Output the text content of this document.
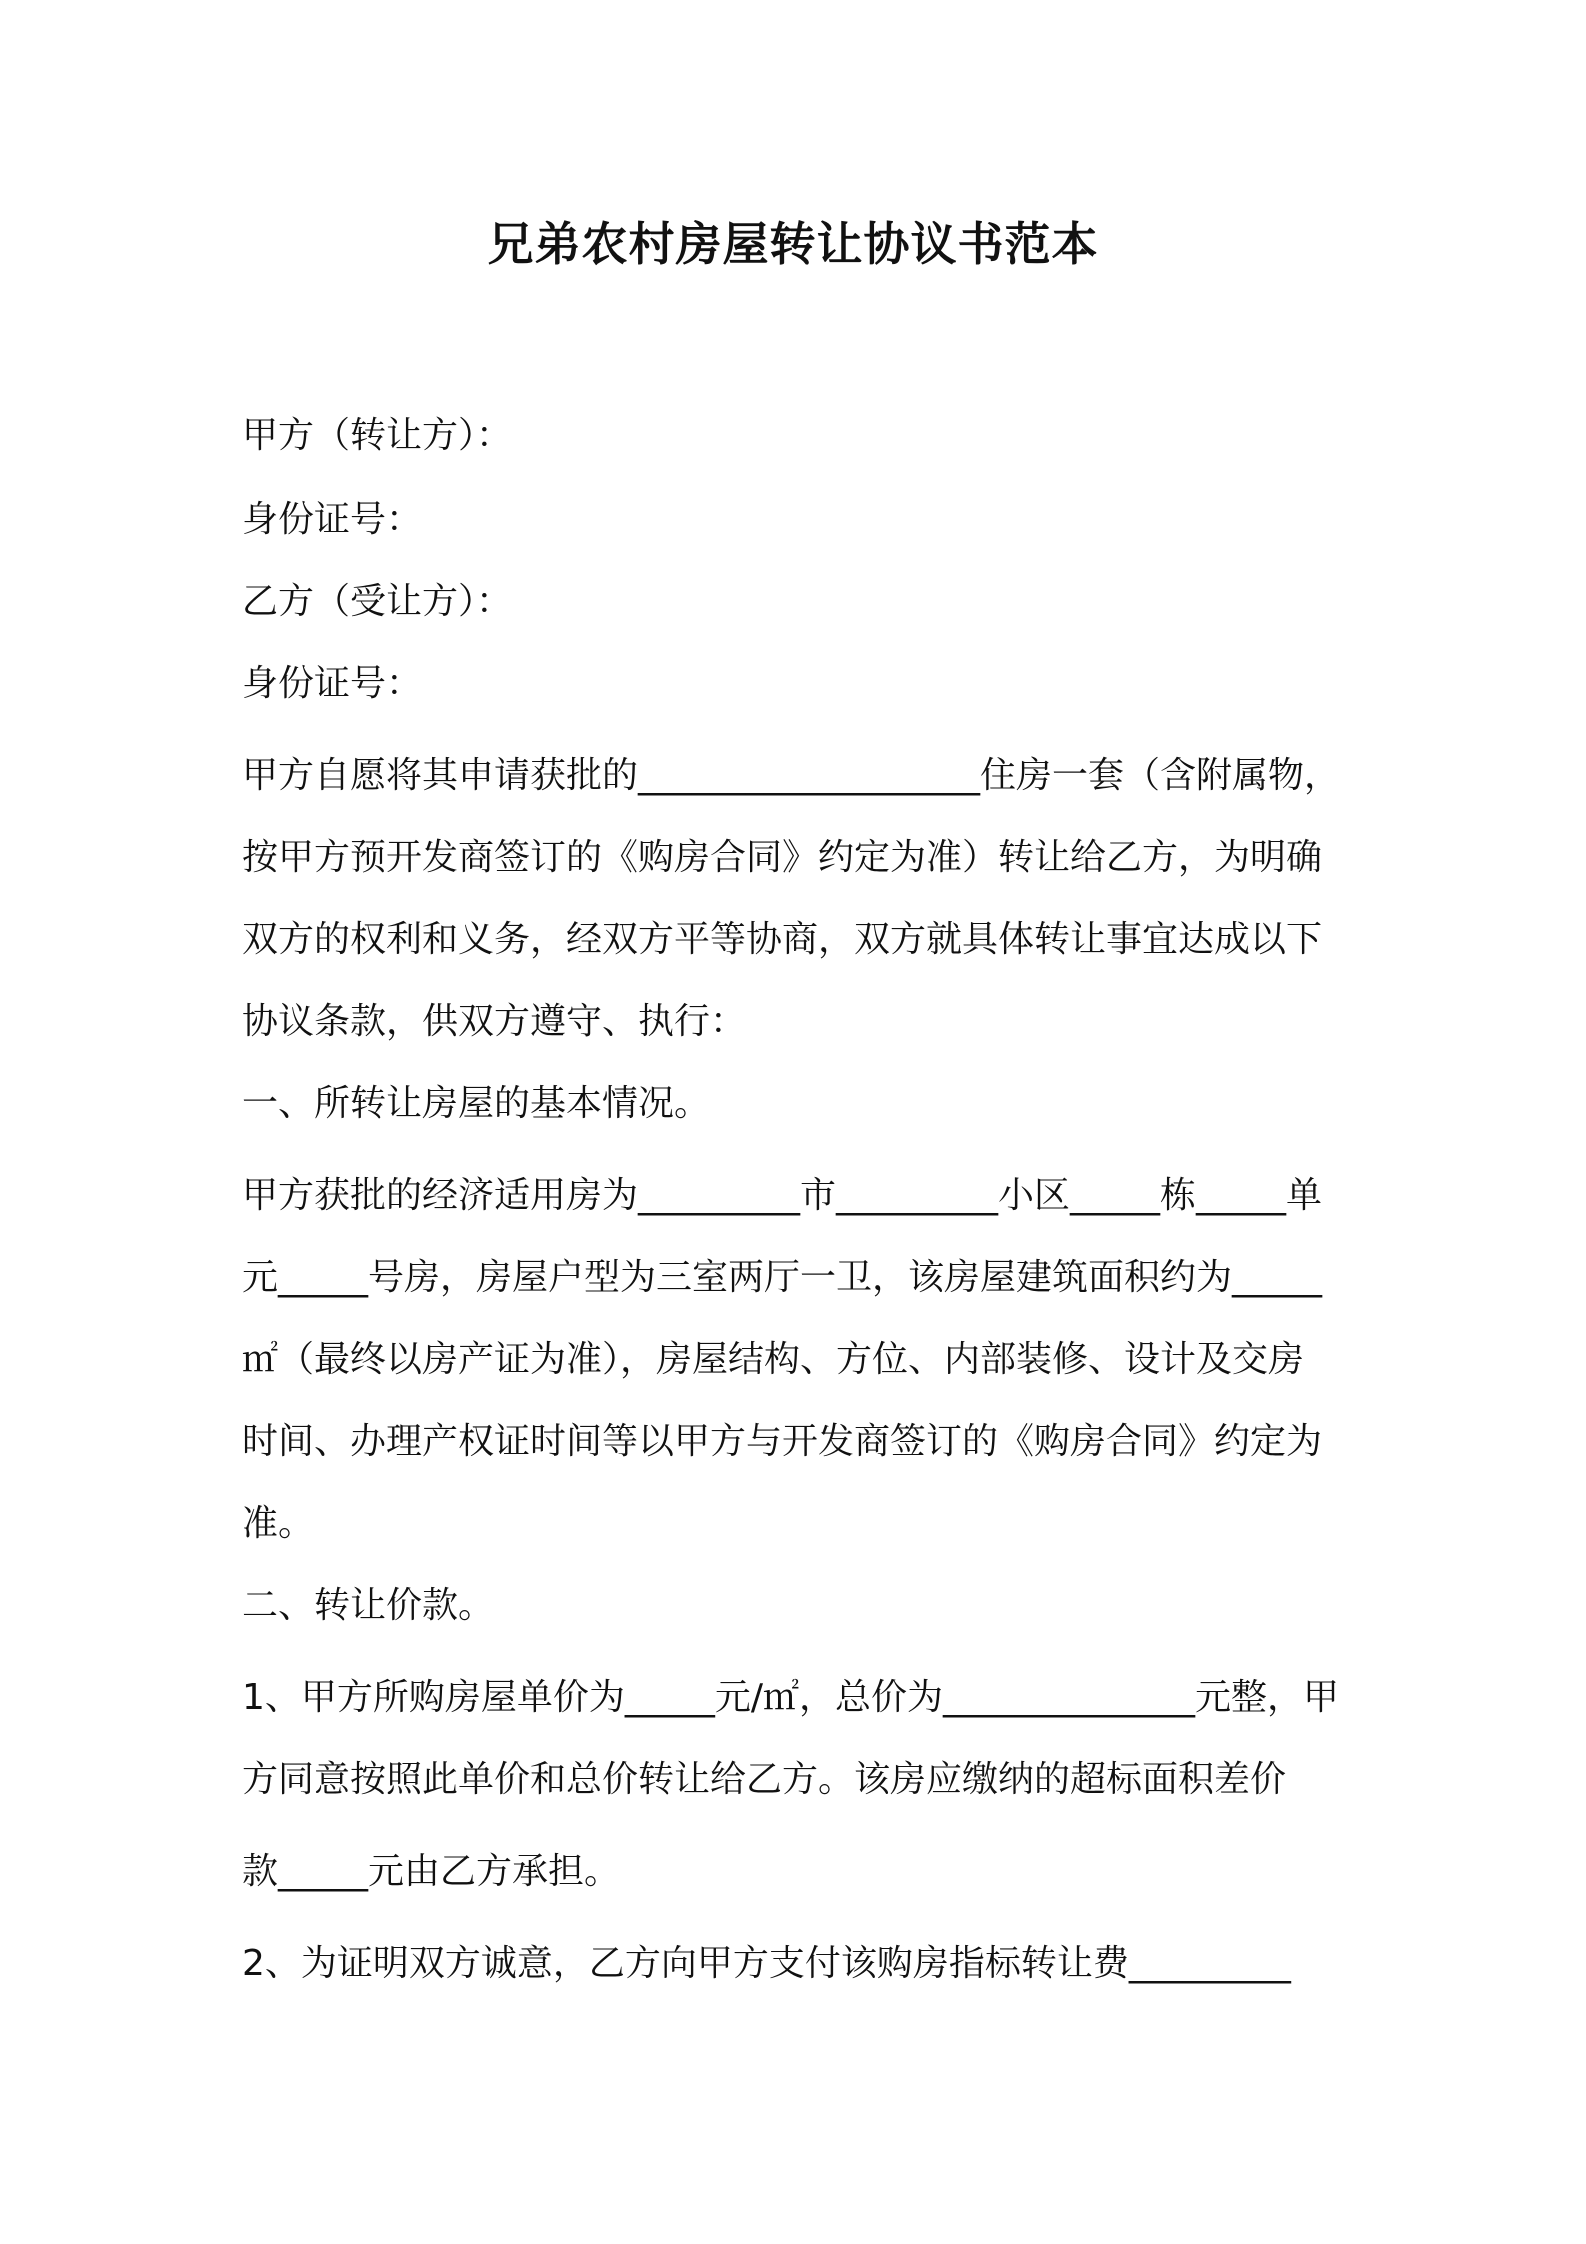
兄弟农村房屋转让协议书范本
甲方（转让方）：
身份证号：
乙方（受让方）：
身份证号：
甲方自愿将其申请获批的___________________住房一套（含附属物，
按甲方预开发商签订的《购房合同》约定为准）转让给乙方，为明确
双方的权利和义务，经双方平等协商，双方就具体转让事宜达成以下
协议条款，供双方遵守、执行：
一、所转让房屋的基本情况。
甲方获批的经济适用房为_________市_________小区_____栋_____单
元_____号房，房屋户型为三室两厅一卫，该房屋建筑面积约为_____
㎡（最终以房产证为准），房屋结构、方位、内部装修、设计及交房
时间、办理产权证时间等以甲方与开发商签订的《购房合同》约定为
准。
二、转让价款。
1、甲方所购房屋单价为_____元/㎡，总价为______________元整，甲
方同意按照此单价和总价转让给乙方。该房应缴纳的超标面积差价
款_____元由乙方承担。
2、为证明双方诚意，乙方向甲方支付该购房指标转让费_________
